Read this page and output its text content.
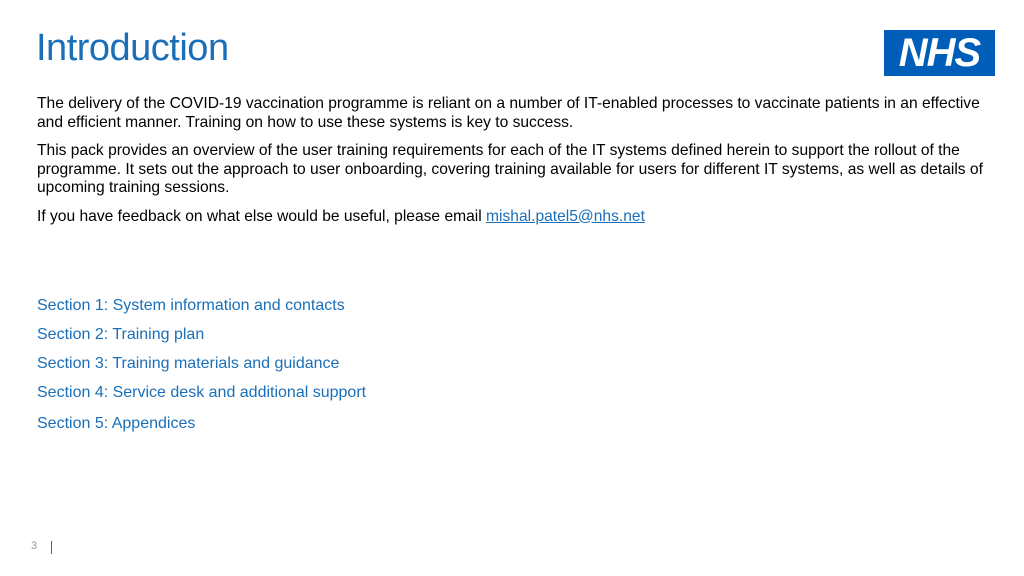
Introduction	NHS

The delivery of the COVID-19 vaccination programme is reliant on a number of IT-enabled processes to vaccinate patients in an effective and efficient manner. Training on how to use these systems is key to success.

This pack provides an overview of the user training requirements for each of the IT systems defined herein to support the rollout of the programme. It sets out the approach to user onboarding, covering training available for users for different IT systems, as well as details of upcoming training sessions.

If you have feedback on what else would be useful, please email mishal.patel5@nhs.net

Section 1: System information and contacts
Section 2: Training plan
Section 3: Training materials and guidance
Section 4: Service desk and additional support
Section 5: Appendices
3
